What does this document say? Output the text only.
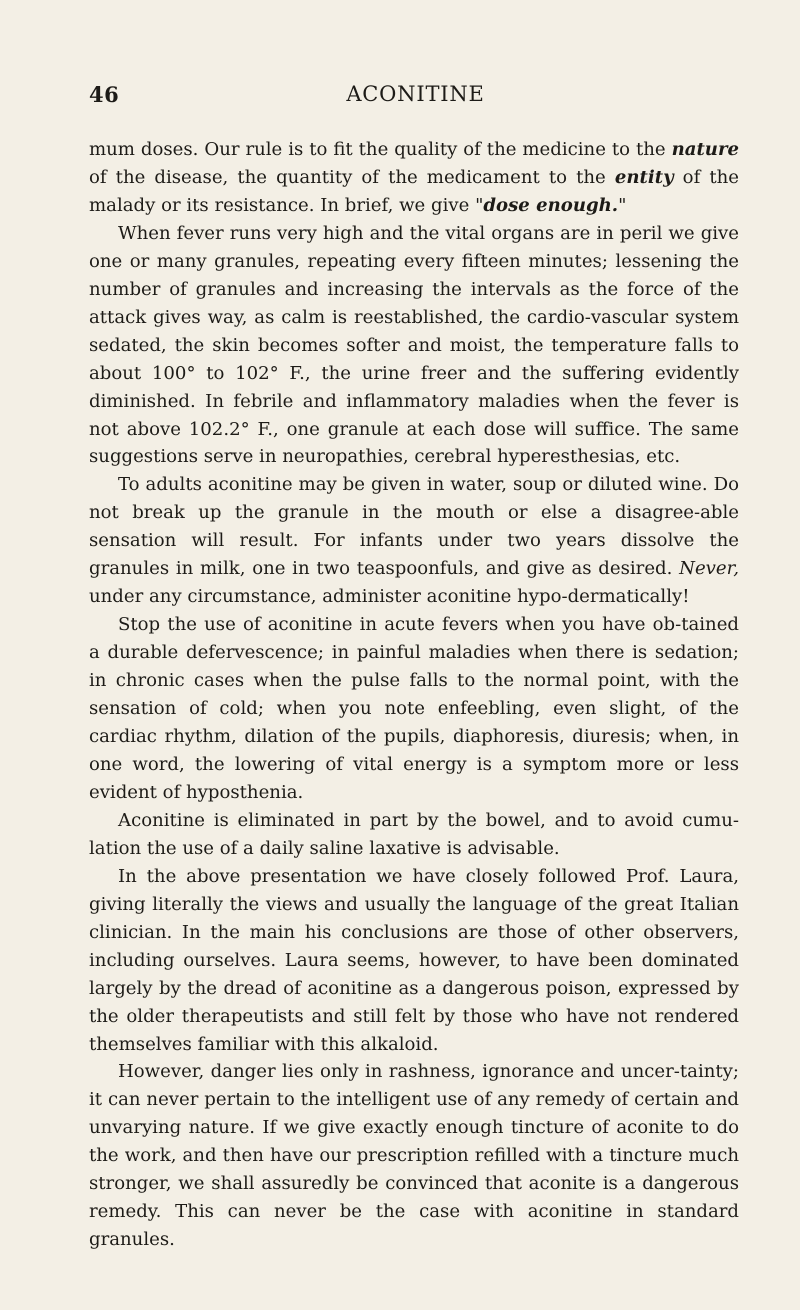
46	ACONITINE

mum doses. Our rule is to fit the quality of the medicine to the nature of the disease, the quantity of the medicament to the entity of the malady or its resistance. In brief, we give "dose enough."

When fever runs very high and the vital organs are in peril we give one or many granules, repeating every fifteen minutes; lessening the number of granules and increasing the intervals as the force of the attack gives way, as calm is reestablished, the cardio-vascular system sedated, the skin becomes softer and moist, the temperature falls to about 100° to 102° F., the urine freer and the suffering evidently diminished. In febrile and inflammatory maladies when the fever is not above 102.2° F., one granule at each dose will suffice. The same suggestions serve in neuropathies, cerebral hyperesthesias, etc.

To adults aconitine may be given in water, soup or diluted wine. Do not break up the granule in the mouth or else a disagree-able sensation will result. For infants under two years dissolve the granules in milk, one in two teaspoonfuls, and give as desired. Never, under any circumstance, administer aconitine hypo-dermatically!

Stop the use of aconitine in acute fevers when you have ob-tained a durable defervescence; in painful maladies when there is sedation; in chronic cases when the pulse falls to the normal point, with the sensation of cold; when you note enfeebling, even slight, of the cardiac rhythm, dilation of the pupils, diaphoresis, diuresis; when, in one word, the lowering of vital energy is a symptom more or less evident of hyposthenia.

Aconitine is eliminated in part by the bowel, and to avoid cumu-lation the use of a daily saline laxative is advisable.

In the above presentation we have closely followed Prof. Laura, giving literally the views and usually the language of the great Italian clinician. In the main his conclusions are those of other observers, including ourselves. Laura seems, however, to have been dominated largely by the dread of aconitine as a dangerous poison, expressed by the older therapeutists and still felt by those who have not rendered themselves familiar with this alkaloid.

However, danger lies only in rashness, ignorance and uncer-tainty; it can never pertain to the intelligent use of any remedy of certain and unvarying nature. If we give exactly enough tincture of aconite to do the work, and then have our prescription refilled with a tincture much stronger, we shall assuredly be convinced that aconite is a dangerous remedy. This can never be the case with aconitine in standard granules.
